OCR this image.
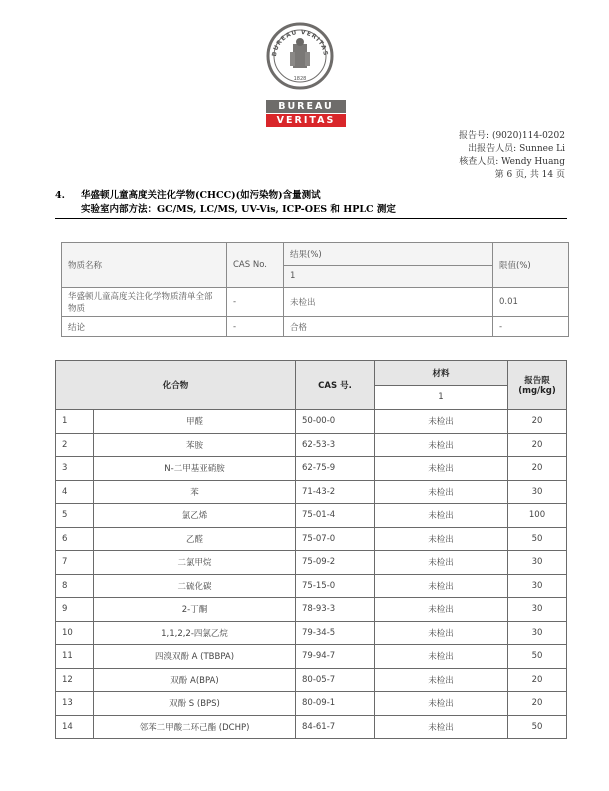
BUREAU VERITAS
1828
BUREAU
VERITAS
报告号: (9020)114-0202
出报告人员: Sunnee Li
核查人员: Wendy Huang
第 6 页, 共 14 页
4. 华盛顿儿童高度关注化学物(CHCC)(如污染物)含量测试
实验室内部方法：GC/MS, LC/MS, UV-Vis, ICP-OES 和 HPLC 测定
物质名称	CAS No.	结果(%)	限值(%)
		1	
华盛顿儿童高度关注化学物质清单全部物质	-	未检出	0.01
结论	-	合格	-
化合物		CAS 号.	材料	报告限
(mg/kg)

			1	
1	甲醛	50-00-0	未检出	20
2	苯胺	62-53-3	未检出	20
3	N-二甲基亚硝胺	62-75-9	未检出	20
4	苯	71-43-2	未检出	30
5	氯乙烯	75-01-4	未检出	100
6	乙醛	75-07-0	未检出	50
7	二氯甲烷	75-09-2	未检出	30
8	二硫化碳	75-15-0	未检出	30
9	2-丁酮	78-93-3	未检出	30
10	1,1,2,2-四氯乙烷	79-34-5	未检出	30
11	四溴双酚 A (TBBPA)	79-94-7	未检出	50
12	双酚 A(BPA)	80-05-7	未检出	20
13	双酚 S (BPS)	80-09-1	未检出	20
14	邻苯二甲酸二环己酯 (DCHP)	84-61-7	未检出	50
